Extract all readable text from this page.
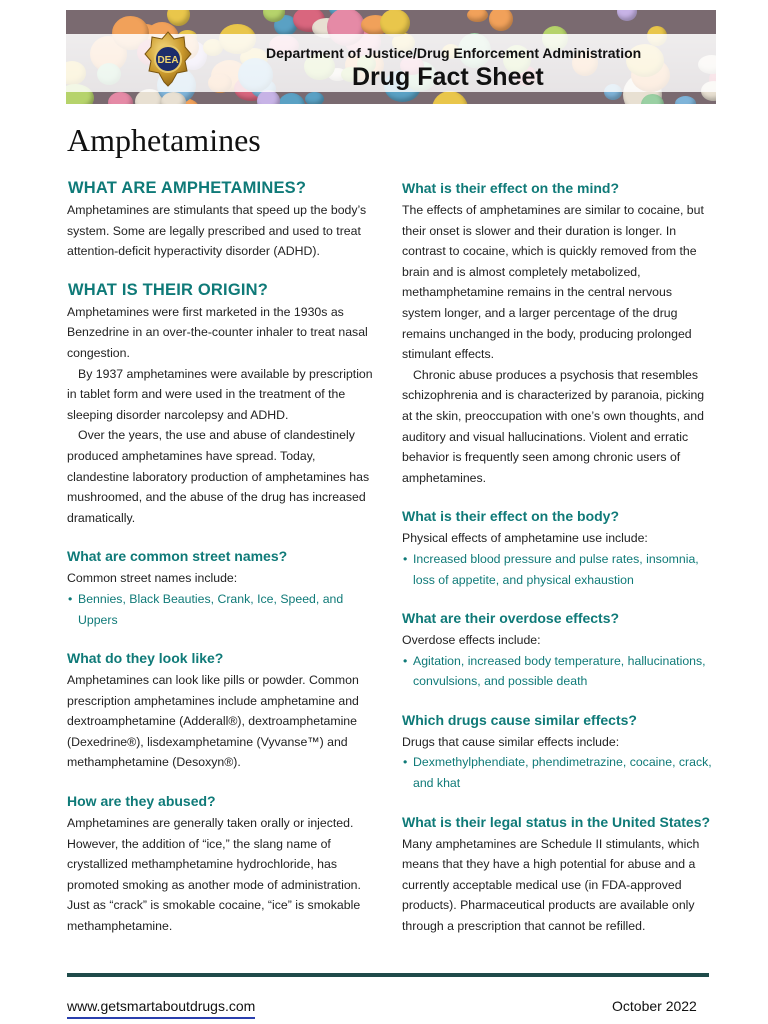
DEA	Department of Justice/Drug Enforcement Administration
Drug Fact Sheet
Amphetamines
WHAT ARE AMPHETAMINES?

Amphetamines are stimulants that speed up the body’s system. Some are legally prescribed and used to treat attention-deficit hyperactivity disorder (ADHD).

WHAT IS THEIR ORIGIN?

Amphetamines were first marketed in the 1930s as Benzedrine in an over-the-counter inhaler to treat nasal congestion.

By 1937 amphetamines were available by prescription in tablet form and were used in the treatment of the sleeping disorder narcolepsy and ADHD.

Over the years, the use and abuse of clandestinely produced amphetamines have spread. Today, clandestine laboratory production of amphetamines has mushroomed, and the abuse of the drug has increased dramatically.

What are common street names?

Common street names include:

• Bennies, Black Beauties, Crank, Ice, Speed, and Uppers

What do they look like?

Amphetamines can look like pills or powder. Common prescription amphetamines include amphetamine and dextroamphetamine (Adderall®), dextroamphetamine (Dexedrine®), lisdexamphetamine (Vyvanse™) and methamphetamine (Desoxyn®).

How are they abused?

Amphetamines are generally taken orally or injected. However, the addition of “ice,” the slang name of crystallized methamphetamine hydrochloride, has promoted smoking as another mode of administration. Just as “crack” is smokable cocaine, “ice” is smokable methamphetamine.

What is their effect on the mind?

The effects of amphetamines are similar to cocaine, but their onset is slower and their duration is longer. In contrast to cocaine, which is quickly removed from the brain and is almost completely metabolized, methamphetamine remains in the central nervous system longer, and a larger percentage of the drug remains unchanged in the body, producing prolonged stimulant effects.

Chronic abuse produces a psychosis that resembles schizophrenia and is characterized by paranoia, picking at the skin, preoccupation with one’s own thoughts, and auditory and visual hallucinations. Violent and erratic behavior is frequently seen among chronic users of amphetamines.

What is their effect on the body?

Physical effects of amphetamine use include:

• Increased blood pressure and pulse rates, insomnia, loss of appetite, and physical exhaustion

What are their overdose effects?

Overdose effects include:

• Agitation, increased body temperature, hallucinations, convulsions, and possible death

Which drugs cause similar effects?

Drugs that cause similar effects include:

• Dexmethylphendiate, phendimetrazine, cocaine, crack, and khat

What is their legal status in the United States?

Many amphetamines are Schedule II stimulants, which means that they have a high potential for abuse and a currently acceptable medical use (in FDA-approved products). Pharmaceutical products are available only through a prescription that cannot be refilled.

www.getsmartaboutdrugs.com	October 2022
